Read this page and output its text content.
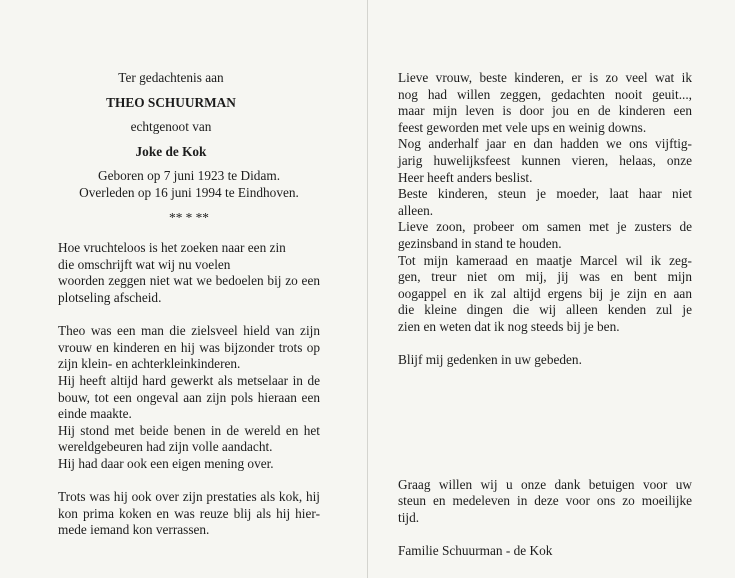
Ter gedachtenis aan
THEO SCHUURMAN
echtgenoot van
Joke de Kok
Geboren op 7 juni 1923 te Didam.
Overleden op 16 juni 1994 te Eindhoven.
** * **
Hoe vruchteloos is het zoeken naar een zin
die omschrijft wat wij nu voelen
woorden zeggen niet wat we bedoelen bij zo een
plotseling afscheid.
Theo was een man die zielsveel hield van zijn
vrouw en kinderen en hij was bijzonder trots op
zijn klein- en achterkleinkinderen.
Hij heeft altijd hard gewerkt als metselaar in de
bouw, tot een ongeval aan zijn pols hieraan een
einde maakte.
Hij stond met beide benen in de wereld en het
wereldgebeuren had zijn volle aandacht.
Hij had daar ook een eigen mening over.
Trots was hij ook over zijn prestaties als kok, hij
kon prima koken en was reuze blij als hij hier-
mede iemand kon verrassen.
Lieve vrouw, beste kinderen, er is zo veel wat ik
nog had willen zeggen, gedachten nooit geuit...,
maar mijn leven is door jou en de kinderen een
feest geworden met vele ups en weinig downs.
Nog anderhalf jaar en dan hadden we ons vijftig-
jarig huwelijksfeest kunnen vieren, helaas, onze
Heer heeft anders beslist.
Beste kinderen, steun je moeder, laat haar niet
alleen.
Lieve zoon, probeer om samen met je zusters de
gezinsband in stand te houden.
Tot mijn kameraad en maatje Marcel wil ik zeg-
gen, treur niet om mij, jij was en bent mijn
oogappel en ik zal altijd ergens bij je zijn en aan
die kleine dingen die wij alleen kenden zul je
zien en weten dat ik nog steeds bij je ben.
Blijf mij gedenken in uw gebeden.
Graag willen wij u onze dank betuigen voor uw
steun en medeleven in deze voor ons zo moeilijke
tijd.
Familie Schuurman - de Kok
